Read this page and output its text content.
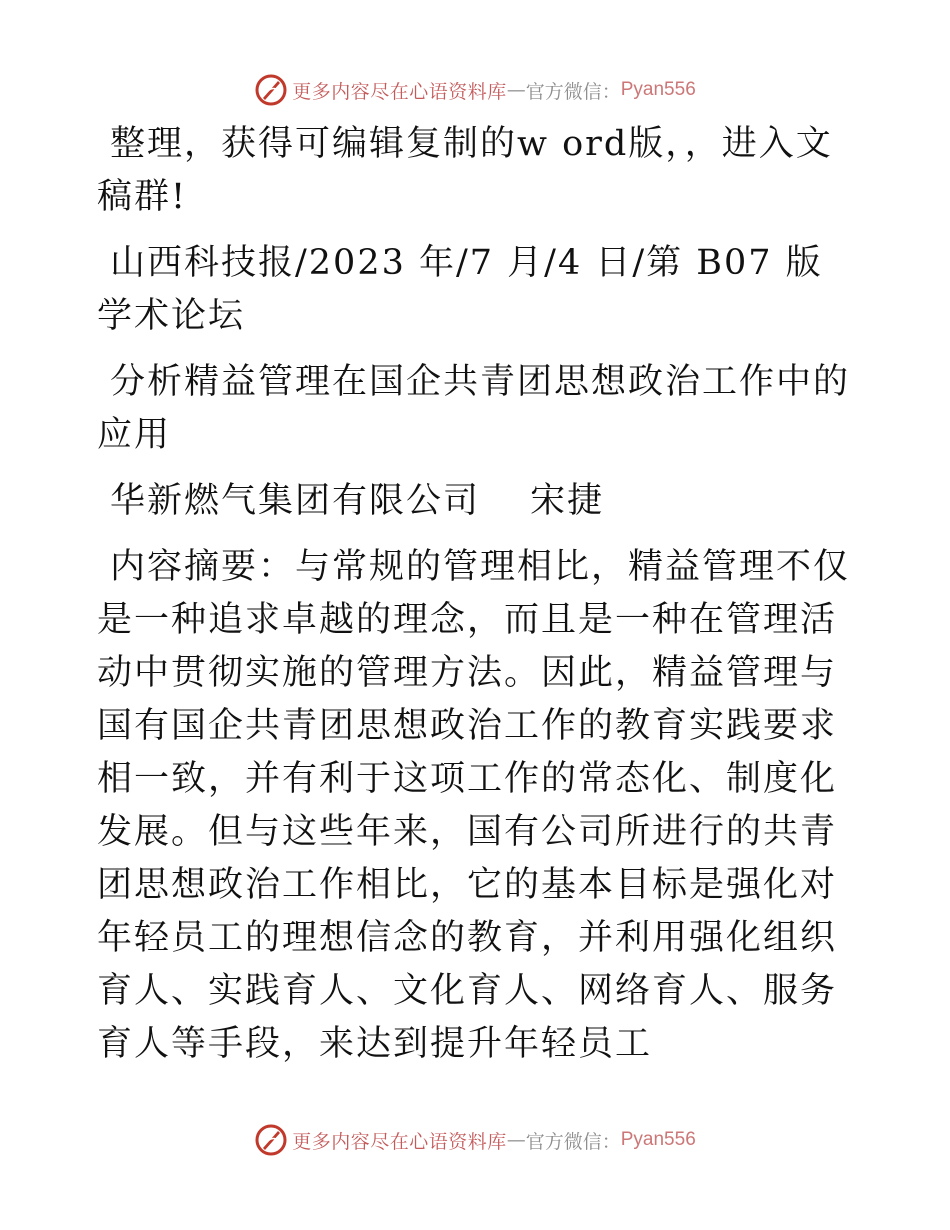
更多内容尽在心语资料库 — 官方微信： Pyan556

整理，获得可编辑复制的w ord版，，进入文稿群!

山西科技报/2023 年/7 月/4 日/第 B07 版学术论坛

分析精益管理在国企共青团思想政治工作中的应用

华新燃气集团有限公司　 宋捷

内容摘要：与常规的管理相比，精益管理不仅是一种追求卓越的理念，而且是一种在管理活动中贯彻实施的管理方法。因此，精益管理与国有国企共青团思想政治工作的教育实践要求相一致，并有利于这项工作的常态化、制度化发展。但与这些年来，国有公司所进行的共青团思想政治工作相比，它的基本目标是强化对年轻员工的理想信念的教育，并利用强化组织育人、实践育人、文化育人、网络育人、服务育人等手段，来达到提升年轻员工

更多内容尽在心语资料库 — 官方微信： Pyan556
